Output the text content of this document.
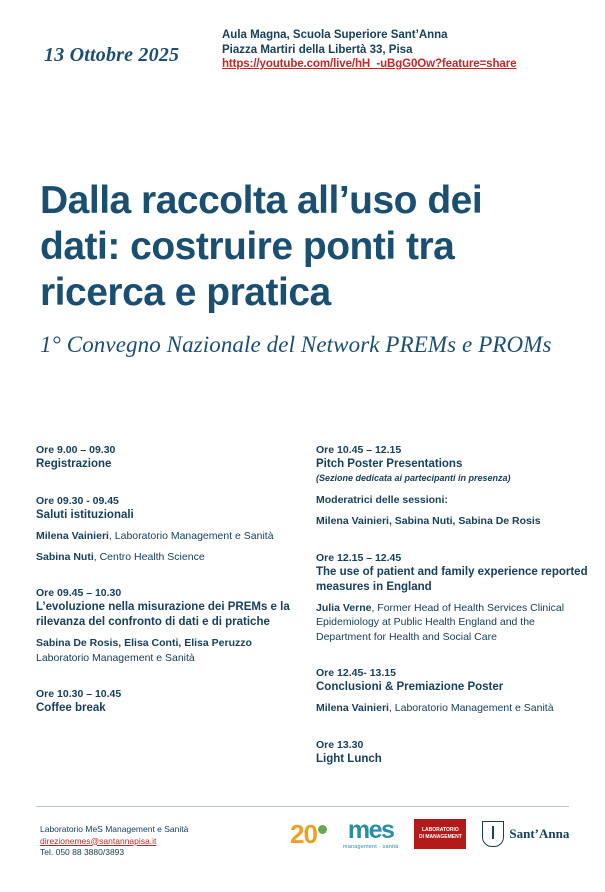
13 Ottobre 2025
Aula Magna, Scuola Superiore Sant’Anna
Piazza Martiri della Libertà 33, Pisa
https://youtube.com/live/hH_-uBgG0Ow?feature=share
Dalla raccolta all’uso dei
dati: costruire ponti tra
ricerca e pratica
1° Convegno Nazionale del Network PREMs e PROMs
Ore 9.00 – 09.30
Registrazione
Ore 09.30 - 09.45
Saluti istituzionali
Milena Vainieri, Laboratorio Management e Sanità
Sabina Nuti, Centro Health Science
Ore 09.45 – 10.30
L’evoluzione nella misurazione dei PREMs e la rilevanza del confronto di dati e di pratiche
Sabina De Rosis, Elisa Conti, Elisa Peruzzo
Laboratorio Management e Sanità
Ore 10.30 – 10.45
Coffee break
Ore 10.45 – 12.15
Pitch Poster Presentations
(Sezione dedicata ai partecipanti in presenza)
Moderatrici delle sessioni:
Milena Vainieri, Sabina Nuti, Sabina De Rosis
Ore 12.15 – 12.45
The use of patient and family experience reported measures in England
Julia Verne, Former Head of Health Services Clinical Epidemiology at Public Health England and the Department for Health and Social Care
Ore 12.45- 13.15
Conclusioni & Premiazione Poster
Milena Vainieri, Laboratorio Management e Sanità
Ore 13.30
Light Lunch
Laboratorio MeS Management e Sanità
direzionemes@santannapisa.it
Tel. 050 88 3880/3893
20 mes
management · sanità
LABORATORIO
DI MANAGEMENT	Sant’Anna
